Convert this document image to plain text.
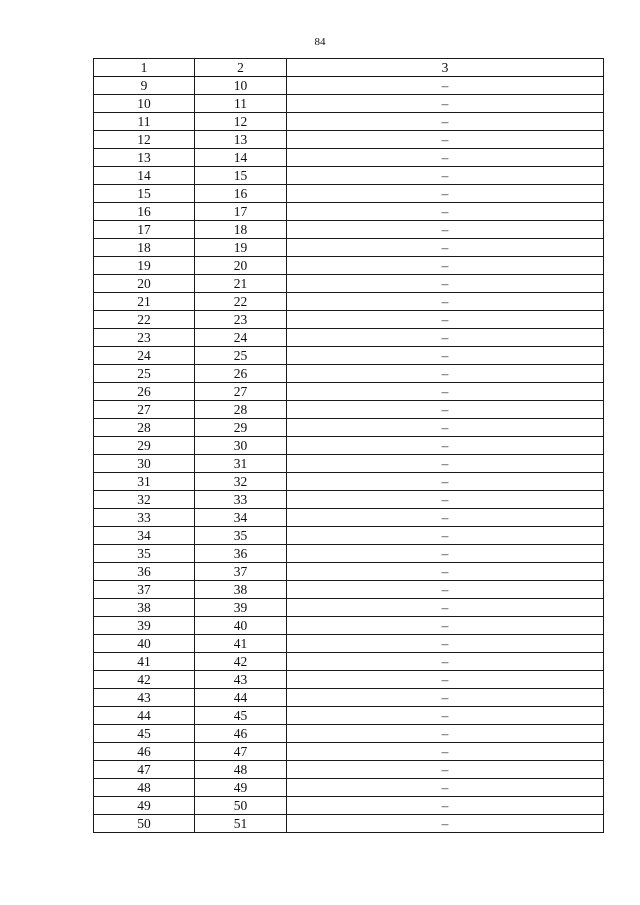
84
1	2	3
9	10	–
10	11	–
11	12	–
12	13	–
13	14	–
14	15	–
15	16	–
16	17	–
17	18	–
18	19	–
19	20	–
20	21	–
21	22	–
22	23	–
23	24	–
24	25	–
25	26	–
26	27	–
27	28	–
28	29	–
29	30	–
30	31	–
31	32	–
32	33	–
33	34	–
34	35	–
35	36	–
36	37	–
37	38	–
38	39	–
39	40	–
40	41	–
41	42	–
42	43	–
43	44	–
44	45	–
45	46	–
46	47	–
47	48	–
48	49	–
49	50	–
50	51	–
